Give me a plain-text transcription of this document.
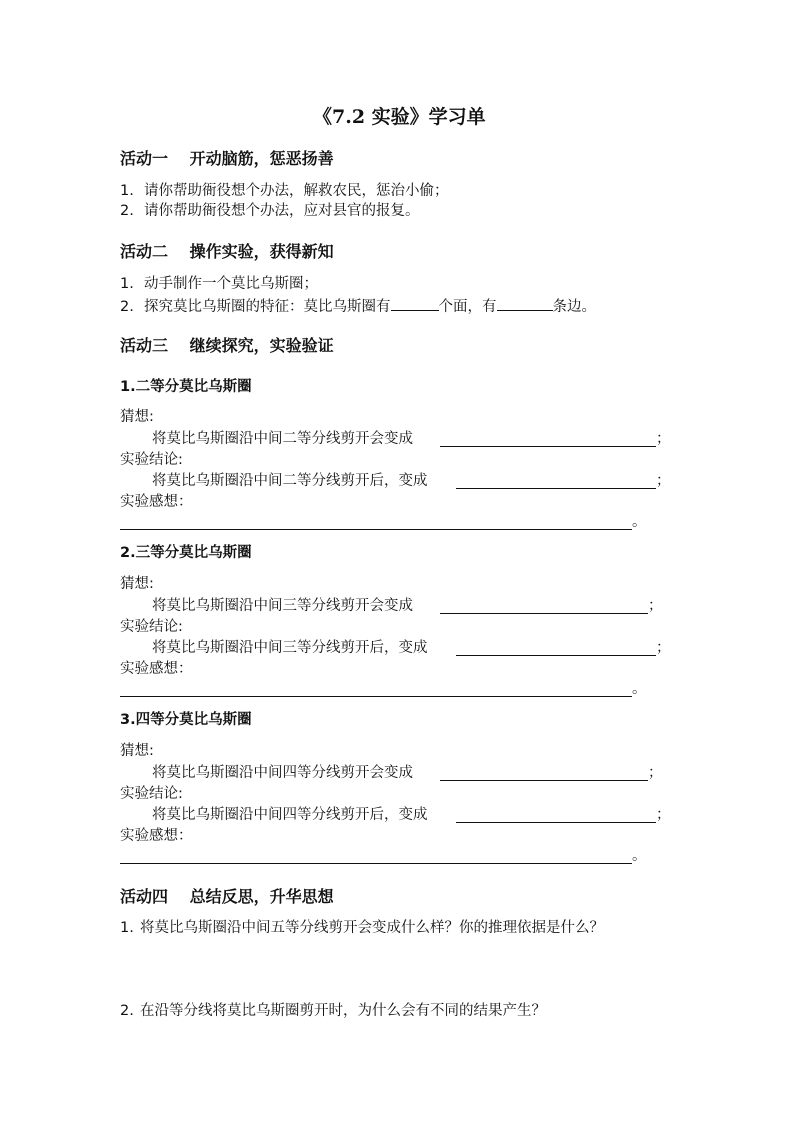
《7.2 实验》学习单
活动一　 开动脑筋，惩恶扬善
1. 请你帮助衙役想个办法，解救农民，惩治小偷；
2. 请你帮助衙役想个办法，应对县官的报复。
活动二　 操作实验，获得新知
1. 动手制作一个莫比乌斯圈；
2. 探究莫比乌斯圈的特征：莫比乌斯圈有	个面，有	条边。
活动三　 继续探究，实验验证
1.二等分莫比乌斯圈
猜想:
将莫比乌斯圈沿中间二等分线剪开会变成	；
实验结论:
将莫比乌斯圈沿中间二等分线剪开后，变成	；
实验感想：
。
2.三等分莫比乌斯圈
猜想:
将莫比乌斯圈沿中间三等分线剪开会变成	；
实验结论:
将莫比乌斯圈沿中间三等分线剪开后，变成	；
实验感想：
。
3.四等分莫比乌斯圈
猜想:
将莫比乌斯圈沿中间四等分线剪开会变成	；
实验结论:
将莫比乌斯圈沿中间四等分线剪开后，变成	；
实验感想：
。
活动四　 总结反思，升华思想
1. 将莫比乌斯圈沿中间五等分线剪开会变成什么样？你的推理依据是什么？
2. 在沿等分线将莫比乌斯圈剪开时，为什么会有不同的结果产生？
